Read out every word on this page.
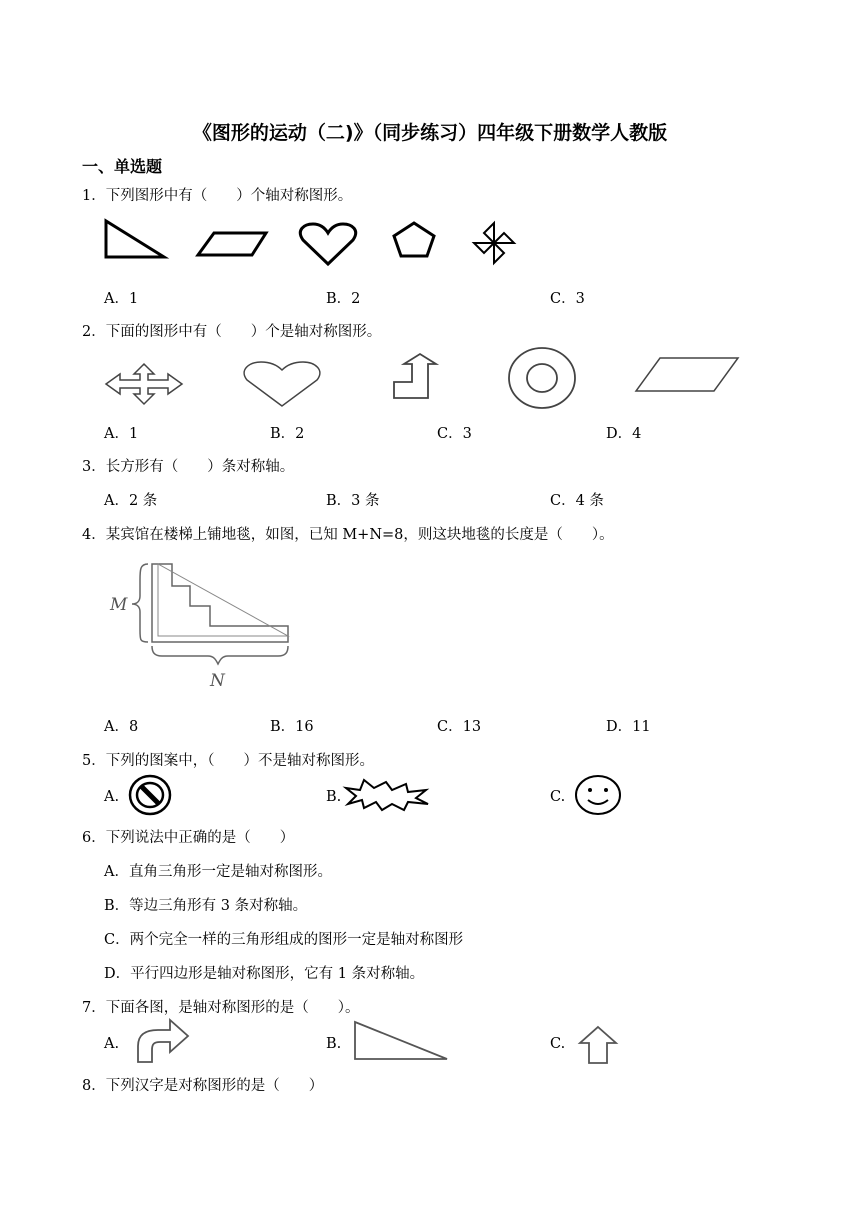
《图形的运动（二)》（同步练习）四年级下册数学人教版
一、单选题
1．下列图形中有（　　）个轴对称图形。
A．1	B．2	C．3
2．下面的图形中有（　　）个是轴对称图形。
A．1	B．2	C．3	D．4
3．长方形有（　　）条对称轴。
A．2 条	B．3 条	C．4 条
4．某宾馆在楼梯上铺地毯，如图，已知 M+N=8，则这块地毯的长度是（　　）。
M
N
A．8	B．16	C．13	D．11
5．下列的图案中，（　　）不是轴对称图形。
A.	B.	C.
6．下列说法中正确的是（　　）
A．直角三角形一定是轴对称图形。
B．等边三角形有 3 条对称轴。
C．两个完全一样的三角形组成的图形一定是轴对称图形
D．平行四边形是轴对称图形，它有 1 条对称轴。
7．下面各图，是轴对称图形的是（　　）。
A.	B.	C.
8．下列汉字是对称图形的是（　　）
